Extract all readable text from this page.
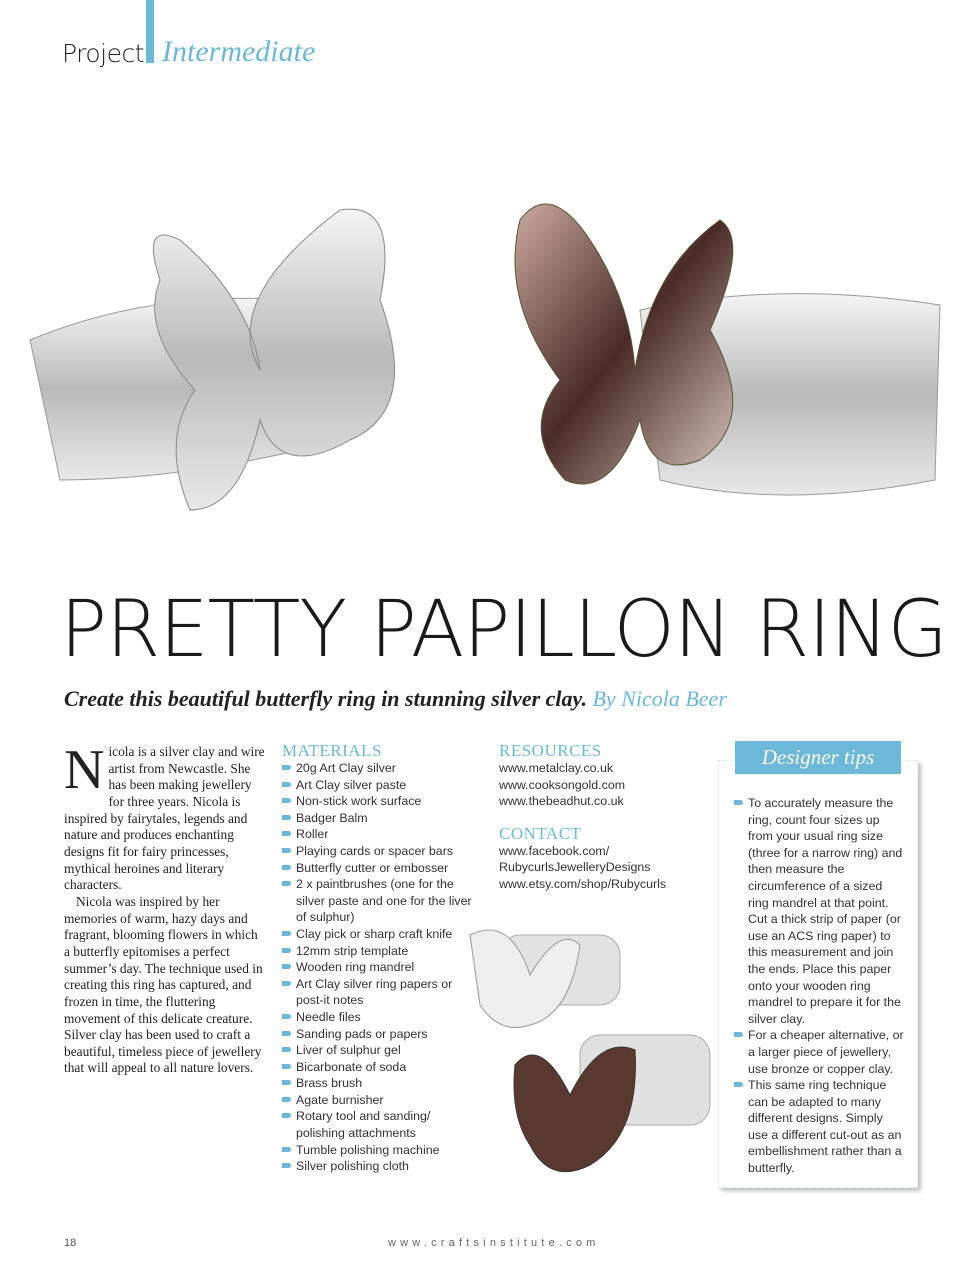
Project Intermediate
PRETTY PAPILLON RING
Create this beautiful butterfly ring in stunning silver clay. By Nicola Beer

Nicola is a silver clay and wire artist from Newcastle. She has been making jewellery for three years. Nicola is inspired by fairytales, legends and nature and produces enchanting designs fit for fairy princesses, mythical heroines and literary characters.

Nicola was inspired by her memories of warm, hazy days and fragrant, blooming flowers in which a butterfly epitomises a perfect summer’s day. The technique used in creating this ring has captured, and frozen in time, the fluttering movement of this delicate creature. Silver clay has been used to craft a beautiful, timeless piece of jewellery that will appeal to all nature lovers.

MATERIALS
20g Art Clay silver
Art Clay silver paste
Non-stick work surface
Badger Balm
Roller
Playing cards or spacer bars
Butterfly cutter or embosser
2 x paintbrushes (one for the silver paste and one for the liver of sulphur)
Clay pick or sharp craft knife
12mm strip template
Wooden ring mandrel
Art Clay silver ring papers or post-it notes
Needle files
Sanding pads or papers
Liver of sulphur gel
Bicarbonate of soda
Brass brush
Agate burnisher
Rotary tool and sanding/ polishing attachments
Tumble polishing machine
Silver polishing cloth
RESOURCES
www.metalclay.co.uk
www.cooksongold.com
www.thebeadhut.co.uk
CONTACT
www.facebook.com/
RubycurlsJewelleryDesigns
www.etsy.com/shop/Rubycurls
Designer tips
To accurately measure the ring, count four sizes up from your usual ring size (three for a narrow ring) and then measure the circumference of a sized ring mandrel at that point. Cut a thick strip of paper (or use an ACS ring paper) to this measurement and join the ends. Place this paper onto your wooden ring mandrel to prepare it for the silver clay.
For a cheaper alternative, or a larger piece of jewellery, use bronze or copper clay.
This same ring technique can be adapted to many different designs. Simply use a different cut-out as an embellishment rather than a butterfly.
18	www.craftsinstitute.com
